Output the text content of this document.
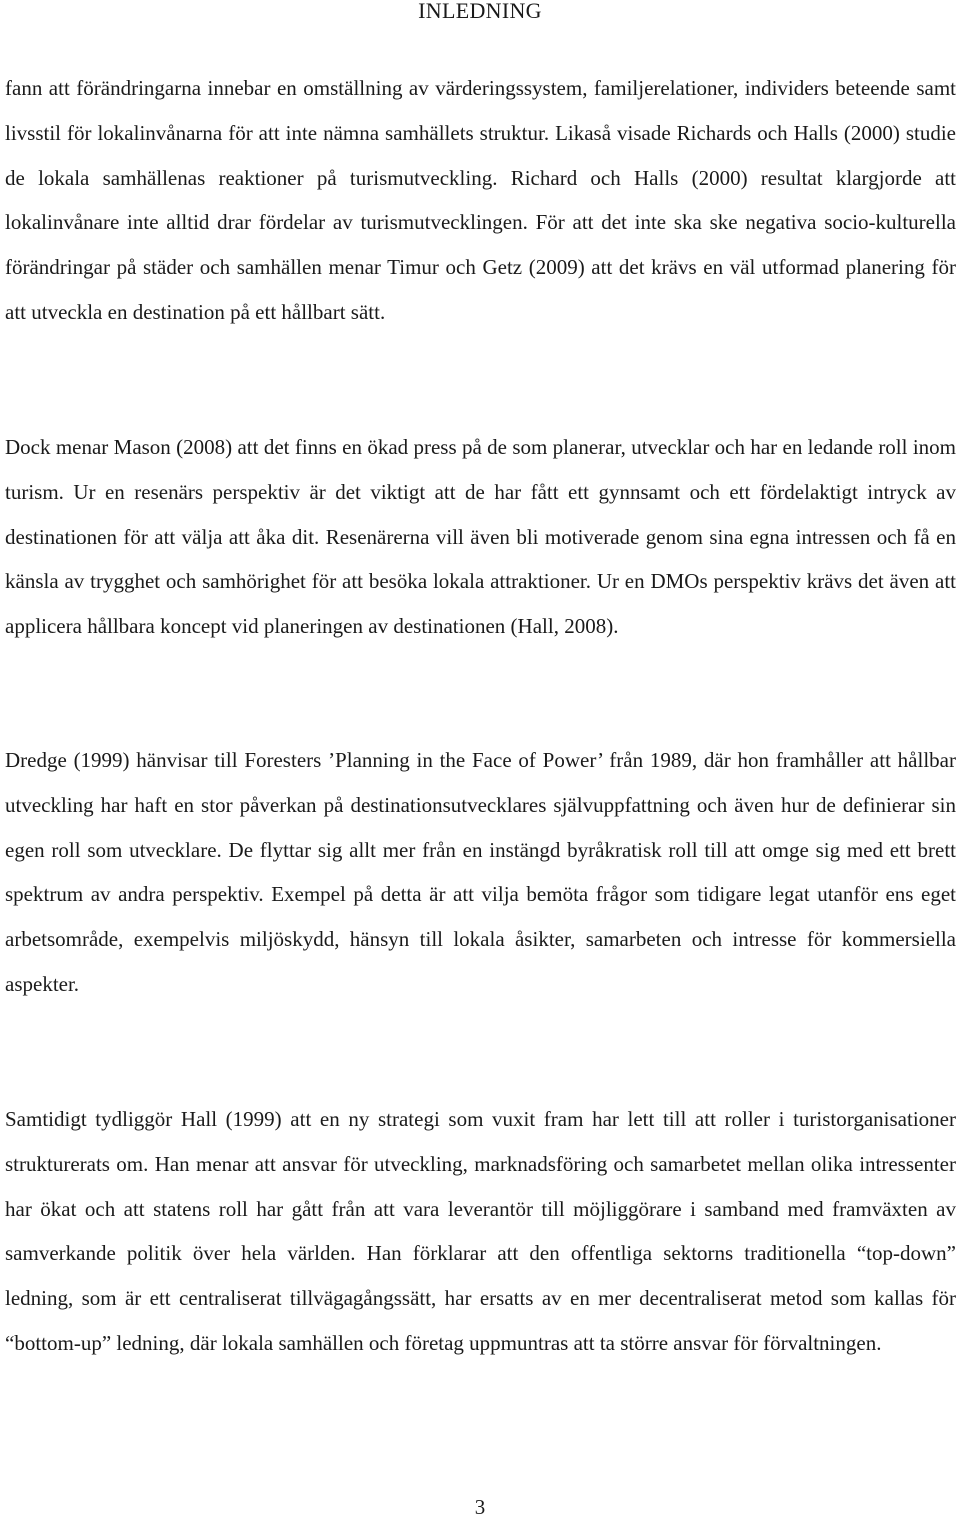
INLEDNING

fann att förändringarna innebar en omställning av värderingssystem, familjerelationer, individers beteende samt livsstil för lokalinvånarna för att inte nämna samhällets struktur. Likaså visade Richards och Halls (2000) studie de lokala samhällenas reaktioner på turismutveckling. Richard och Halls (2000) resultat klargjorde att lokalinvånare inte alltid drar fördelar av turismutvecklingen. För att det inte ska ske negativa socio-kulturella förändringar på städer och samhällen menar Timur och Getz (2009) att det krävs en väl utformad planering för att utveckla en destination på ett hållbart sätt.

Dock menar Mason (2008) att det finns en ökad press på de som planerar, utvecklar och har en ledande roll inom turism. Ur en resenärs perspektiv är det viktigt att de har fått ett gynnsamt och ett fördelaktigt intryck av destinationen för att välja att åka dit. Resenärerna vill även bli motiverade genom sina egna intressen och få en känsla av trygghet och samhörighet för att besöka lokala attraktioner. Ur en DMOs perspektiv krävs det även att applicera hållbara koncept vid planeringen av destinationen (Hall, 2008).

Dredge (1999) hänvisar till Foresters ’Planning in the Face of Power’ från 1989, där hon framhåller att hållbar utveckling har haft en stor påverkan på destinationsutvecklares självuppfattning och även hur de definierar sin egen roll som utvecklare. De flyttar sig allt mer från en instängd byråkratisk roll till att omge sig med ett brett spektrum av andra perspektiv. Exempel på detta är att vilja bemöta frågor som tidigare legat utanför ens eget arbetsområde, exempelvis miljöskydd, hänsyn till lokala åsikter, samarbeten och intresse för kommersiella aspekter.

Samtidigt tydliggör Hall (1999) att en ny strategi som vuxit fram har lett till att roller i turistorganisationer strukturerats om. Han menar att ansvar för utveckling, marknadsföring och samarbetet mellan olika intressenter har ökat och att statens roll har gått från att vara leverantör till möjliggörare i samband med framväxten av samverkande politik över hela världen. Han förklarar att den offentliga sektorns traditionella “top-down” ledning, som är ett centraliserat tillvägagångssätt, har ersatts av en mer decentraliserat metod som kallas för “bottom-up” ledning, där lokala samhällen och företag uppmuntras att ta större ansvar för förvaltningen.

3
